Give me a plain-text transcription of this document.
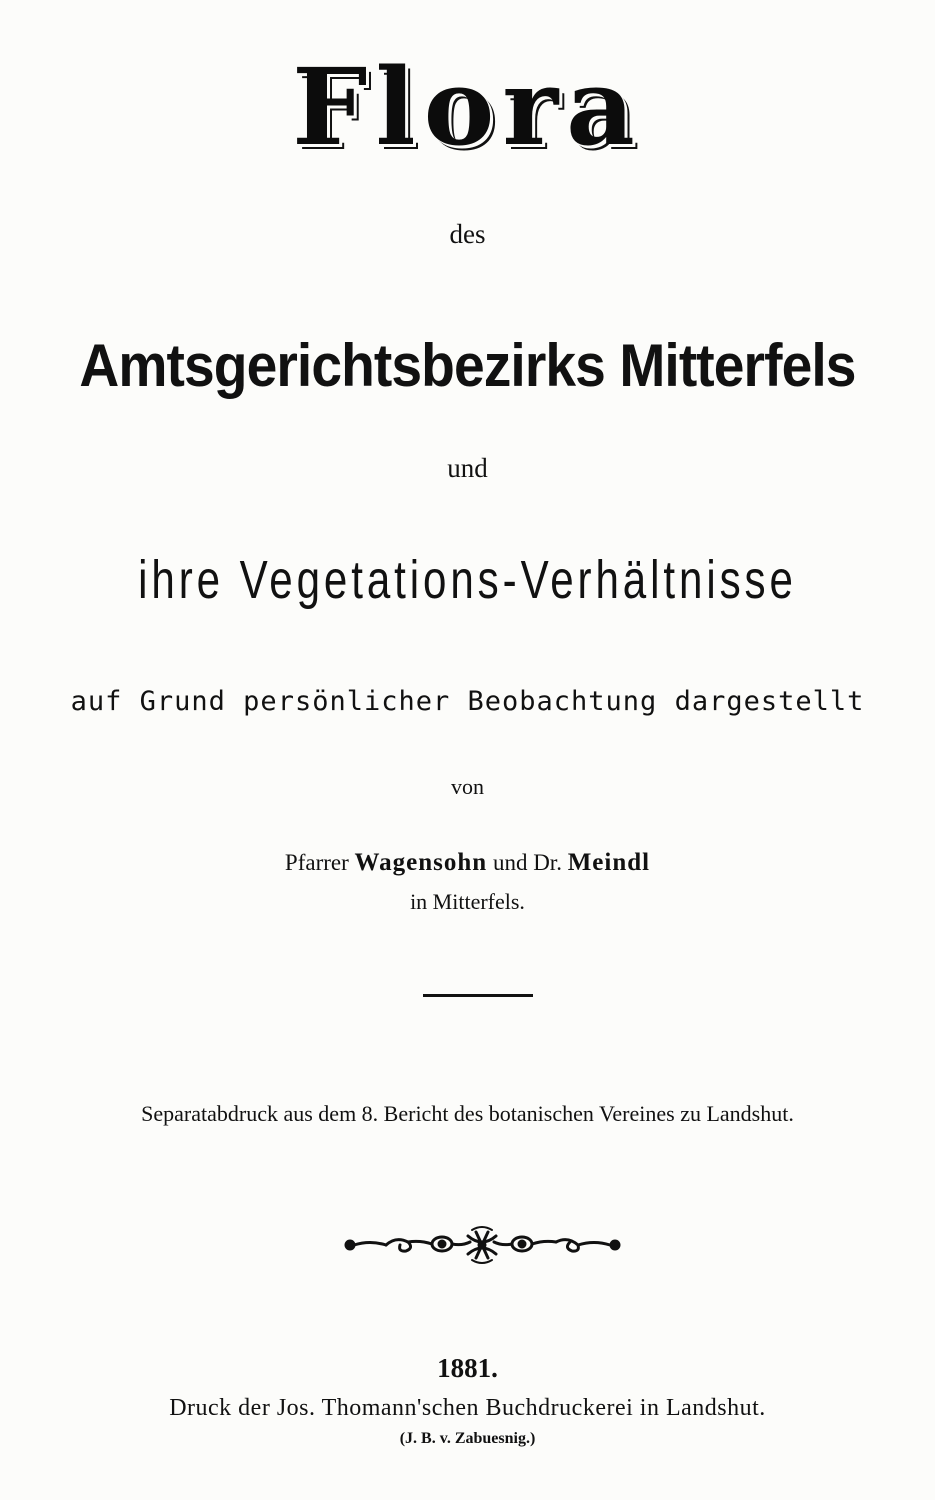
Flora
des
Amtsgerichtsbezirks Mitterfels
und
ihre Vegetations-Verhältnisse
auf Grund persönlicher Beobachtung dargestellt
von
Pfarrer Wagensohn und Dr. Meindl
in Mitterfels.
Separatabdruck aus dem 8. Bericht des botanischen Vereines zu Landshut.
1881.
Druck der Jos. Thomann'schen Buchdruckerei in Landshut.
(J. B. v. Zabuesnig.)
